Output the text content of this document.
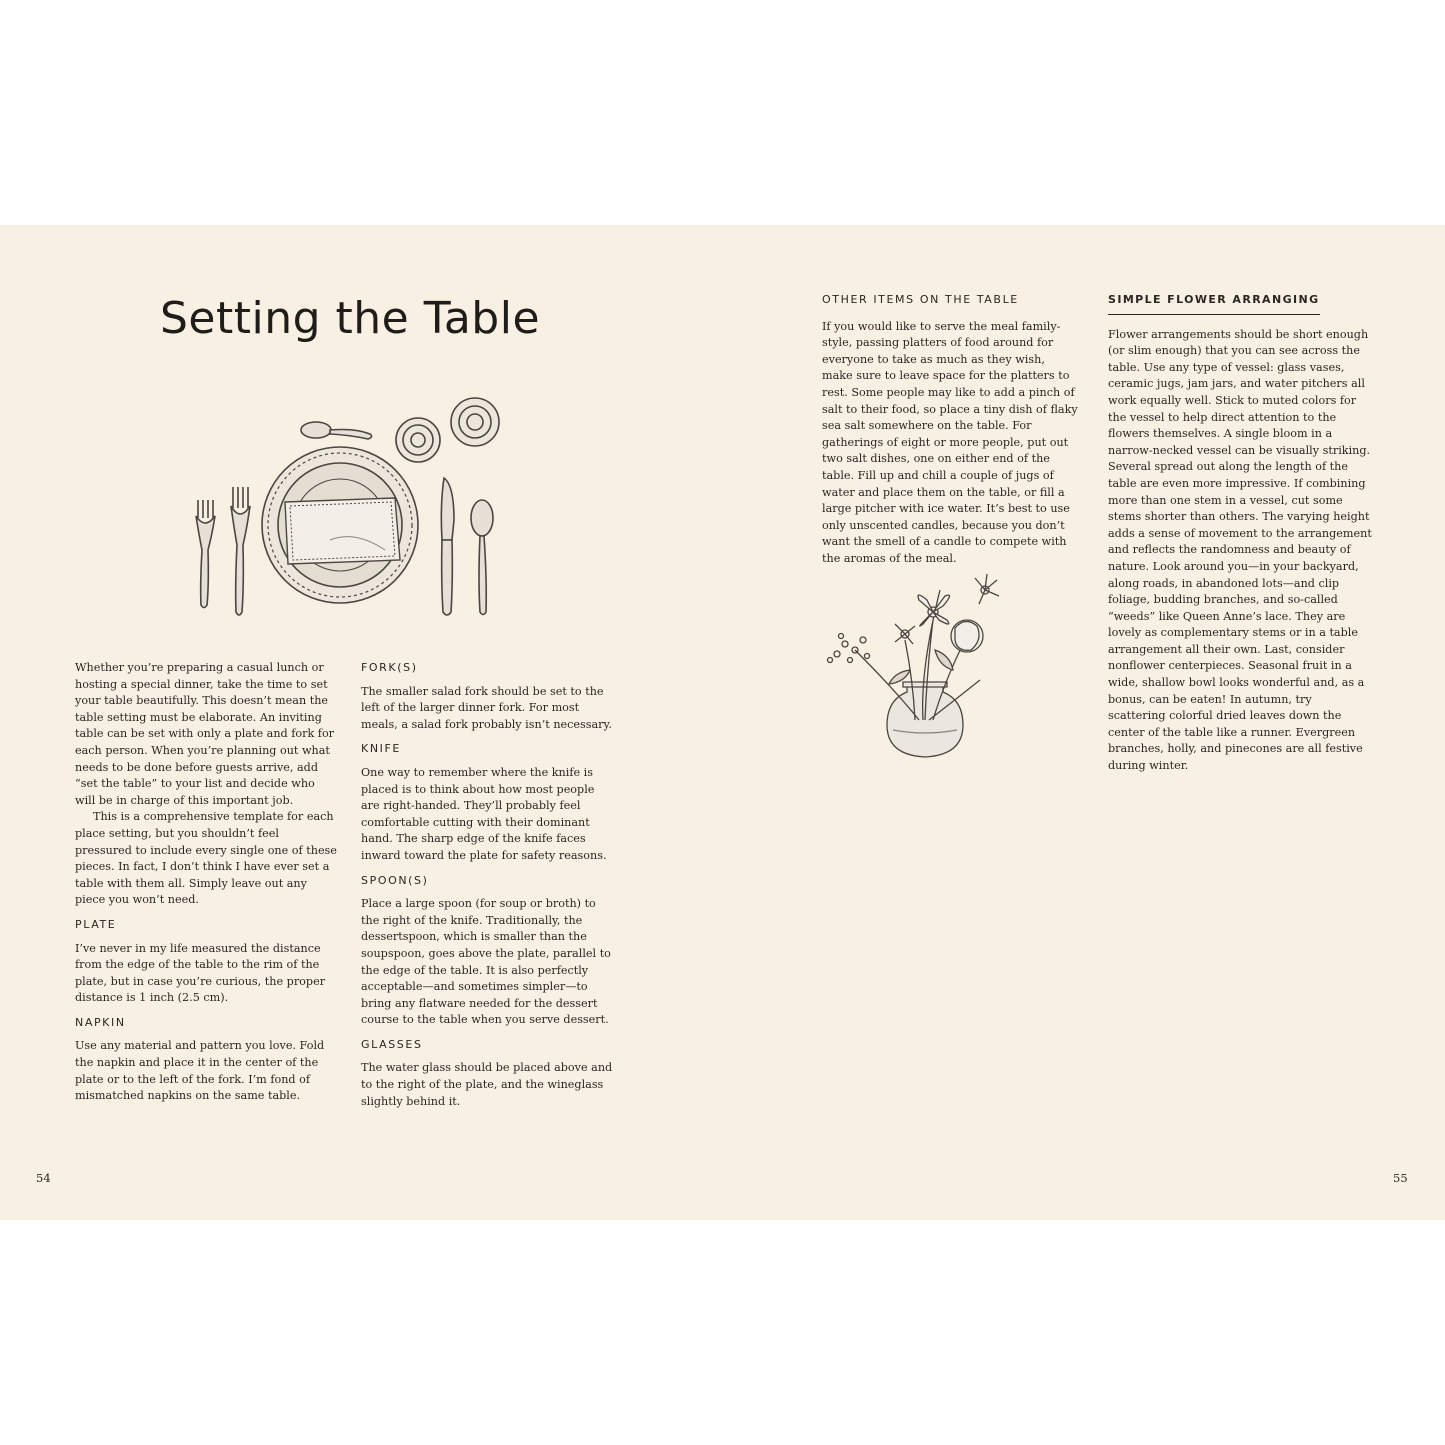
Setting the Table

Whether you’re preparing a casual lunch or hosting a special dinner, take the time to set your table beautifully. This doesn’t mean the table setting must be elaborate. An inviting table can be set with only a plate and fork for each person. When you’re planning out what needs to be done before guests arrive, add “set the table” to your list and decide who will be in charge of this important job.

This is a comprehensive template for each place setting, but you shouldn’t feel pressured to include every single one of these pieces. In fact, I don’t think I have ever set a table with them all. Simply leave out any piece you won’t need.

PLATE

I’ve never in my life measured the distance from the edge of the table to the rim of the plate, but in case you’re curious, the proper distance is 1 inch (2.5 cm).

NAPKIN

Use any material and pattern you love. Fold the napkin and place it in the center of the plate or to the left of the fork. I’m fond of mismatched napkins on the same table.

FORK(S)

The smaller salad fork should be set to the left of the larger dinner fork. For most meals, a salad fork probably isn’t necessary.

KNIFE

One way to remember where the knife is placed is to think about how most people are right-handed. They’ll probably feel comfortable cutting with their dominant hand. The sharp edge of the knife faces inward toward the plate for safety reasons.

SPOON(S)

Place a large spoon (for soup or broth) to the right of the knife. Traditionally, the dessertspoon, which is smaller than the soupspoon, goes above the plate, parallel to the edge of the table. It is also perfectly acceptable—and sometimes simpler—to bring any flatware needed for the dessert course to the table when you serve dessert.

GLASSES

The water glass should be placed above and to the right of the plate, and the wineglass slightly behind it.

OTHER ITEMS ON THE TABLE

If you would like to serve the meal family-style, passing platters of food around for everyone to take as much as they wish, make sure to leave space for the platters to rest. Some people may like to add a pinch of salt to their food, so place a tiny dish of flaky sea salt somewhere on the table. For gatherings of eight or more people, put out two salt dishes, one on either end of the table. Fill up and chill a couple of jugs of water and place them on the table, or fill a large pitcher with ice water. It’s best to use only unscented candles, because you don’t want the smell of a candle to compete with the aromas of the meal.

SIMPLE FLOWER ARRANGING

Flower arrangements should be short enough (or slim enough) that you can see across the table. Use any type of vessel: glass vases, ceramic jugs, jam jars, and water pitchers all work equally well. Stick to muted colors for the vessel to help direct attention to the flowers themselves. A single bloom in a narrow-necked vessel can be visually striking. Several spread out along the length of the table are even more impressive. If combining more than one stem in a vessel, cut some stems shorter than others. The varying height adds a sense of movement to the arrangement and reflects the randomness and beauty of nature. Look around you—in your backyard, along roads, in abandoned lots—and clip foliage, budding branches, and so-called “weeds” like Queen Anne’s lace. They are lovely as complementary stems or in a table arrangement all their own. Last, consider nonflower centerpieces. Seasonal fruit in a wide, shallow bowl looks wonderful and, as a bonus, can be eaten! In autumn, try scattering colorful dried leaves down the center of the table like a runner. Evergreen branches, holly, and pinecones are all festive during winter.

54	55
